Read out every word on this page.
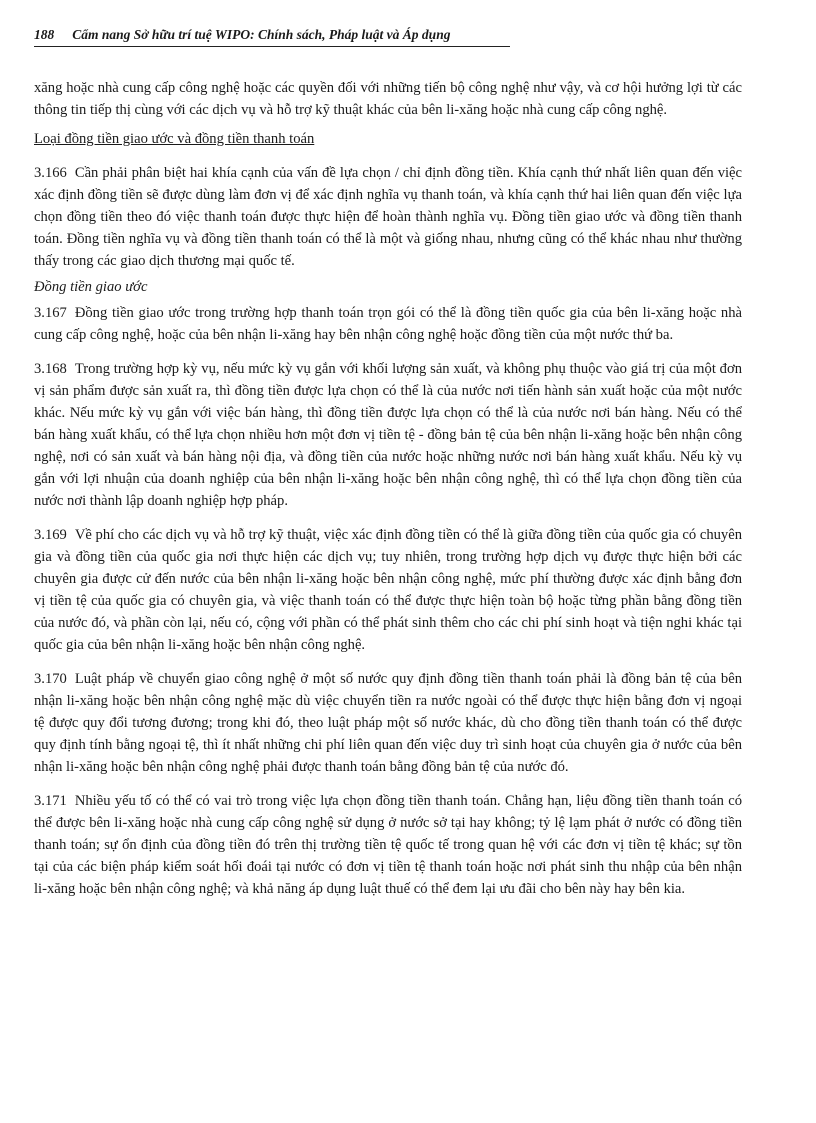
188 Cẩm nang Sở hữu trí tuệ WIPO: Chính sách, Pháp luật và Áp dụng

xăng hoặc nhà cung cấp công nghệ hoặc các quyền đối với những tiến bộ công nghệ như vậy, và cơ hội hưởng lợi từ các thông tin tiếp thị cùng với các dịch vụ và hỗ trợ kỹ thuật khác của bên li-xăng hoặc nhà cung cấp công nghệ.

Loại đồng tiền giao ước và đồng tiền thanh toán

3.166 Cần phải phân biệt hai khía cạnh của vấn đề lựa chọn / chỉ định đồng tiền. Khía cạnh thứ nhất liên quan đến việc xác định đồng tiền sẽ được dùng làm đơn vị để xác định nghĩa vụ thanh toán, và khía cạnh thứ hai liên quan đến việc lựa chọn đồng tiền theo đó việc thanh toán được thực hiện để hoàn thành nghĩa vụ. Đồng tiền giao ước và đồng tiền thanh toán. Đồng tiền nghĩa vụ và đồng tiền thanh toán có thể là một và giống nhau, nhưng cũng có thể khác nhau như thường thấy trong các giao dịch thương mại quốc tế.

Đồng tiền giao ước

3.167 Đồng tiền giao ước trong trường hợp thanh toán trọn gói có thể là đồng tiền quốc gia của bên li-xăng hoặc nhà cung cấp công nghệ, hoặc của bên nhận li-xăng hay bên nhận công nghệ hoặc đồng tiền của một nước thứ ba.

3.168 Trong trường hợp kỳ vụ, nếu mức kỳ vụ gắn với khối lượng sản xuất, và không phụ thuộc vào giá trị của một đơn vị sản phẩm được sản xuất ra, thì đồng tiền được lựa chọn có thể là của nước nơi tiến hành sản xuất hoặc của một nước khác. Nếu mức kỳ vụ gắn với việc bán hàng, thì đồng tiền được lựa chọn có thể là của nước nơi bán hàng. Nếu có thể bán hàng xuất khẩu, có thể lựa chọn nhiều hơn một đơn vị tiền tệ - đồng bản tệ của bên nhận li-xăng hoặc bên nhận công nghệ, nơi có sản xuất và bán hàng nội địa, và đồng tiền của nước hoặc những nước nơi bán hàng xuất khẩu. Nếu kỳ vụ gắn với lợi nhuận của doanh nghiệp của bên nhận li-xăng hoặc bên nhận công nghệ, thì có thể lựa chọn đồng tiền của nước nơi thành lập doanh nghiệp hợp pháp.

3.169 Về phí cho các dịch vụ và hỗ trợ kỹ thuật, việc xác định đồng tiền có thể là giữa đồng tiền của quốc gia có chuyên gia và đồng tiền của quốc gia nơi thực hiện các dịch vụ; tuy nhiên, trong trường hợp dịch vụ được thực hiện bởi các chuyên gia được cử đến nước của bên nhận li-xăng hoặc bên nhận công nghệ, mức phí thường được xác định bằng đơn vị tiền tệ của quốc gia có chuyên gia, và việc thanh toán có thể được thực hiện toàn bộ hoặc từng phần bằng đồng tiền của nước đó, và phần còn lại, nếu có, cộng với phần có thể phát sinh thêm cho các chi phí sinh hoạt và tiện nghi khác tại quốc gia của bên nhận li-xăng hoặc bên nhận công nghệ.

3.170 Luật pháp về chuyển giao công nghệ ở một số nước quy định đồng tiền thanh toán phải là đồng bản tệ của bên nhận li-xăng hoặc bên nhận công nghệ mặc dù việc chuyển tiền ra nước ngoài có thể được thực hiện bằng đơn vị ngoại tệ được quy đổi tương đương; trong khi đó, theo luật pháp một số nước khác, dù cho đồng tiền thanh toán có thể được quy định tính bằng ngoại tệ, thì ít nhất những chi phí liên quan đến việc duy trì sinh hoạt của chuyên gia ở nước của bên nhận li-xăng hoặc bên nhận công nghệ phải được thanh toán bằng đồng bản tệ của nước đó.

3.171 Nhiều yếu tố có thể có vai trò trong việc lựa chọn đồng tiền thanh toán. Chẳng hạn, liệu đồng tiền thanh toán có thể được bên li-xăng hoặc nhà cung cấp công nghệ sử dụng ở nước sở tại hay không; tỷ lệ lạm phát ở nước có đồng tiền thanh toán; sự ổn định của đồng tiền đó trên thị trường tiền tệ quốc tế trong quan hệ với các đơn vị tiền tệ khác; sự tồn tại của các biện pháp kiểm soát hối đoái tại nước có đơn vị tiền tệ thanh toán hoặc nơi phát sinh thu nhập của bên nhận li-xăng hoặc bên nhận công nghệ; và khả năng áp dụng luật thuế có thể đem lại ưu đãi cho bên này hay bên kia.
